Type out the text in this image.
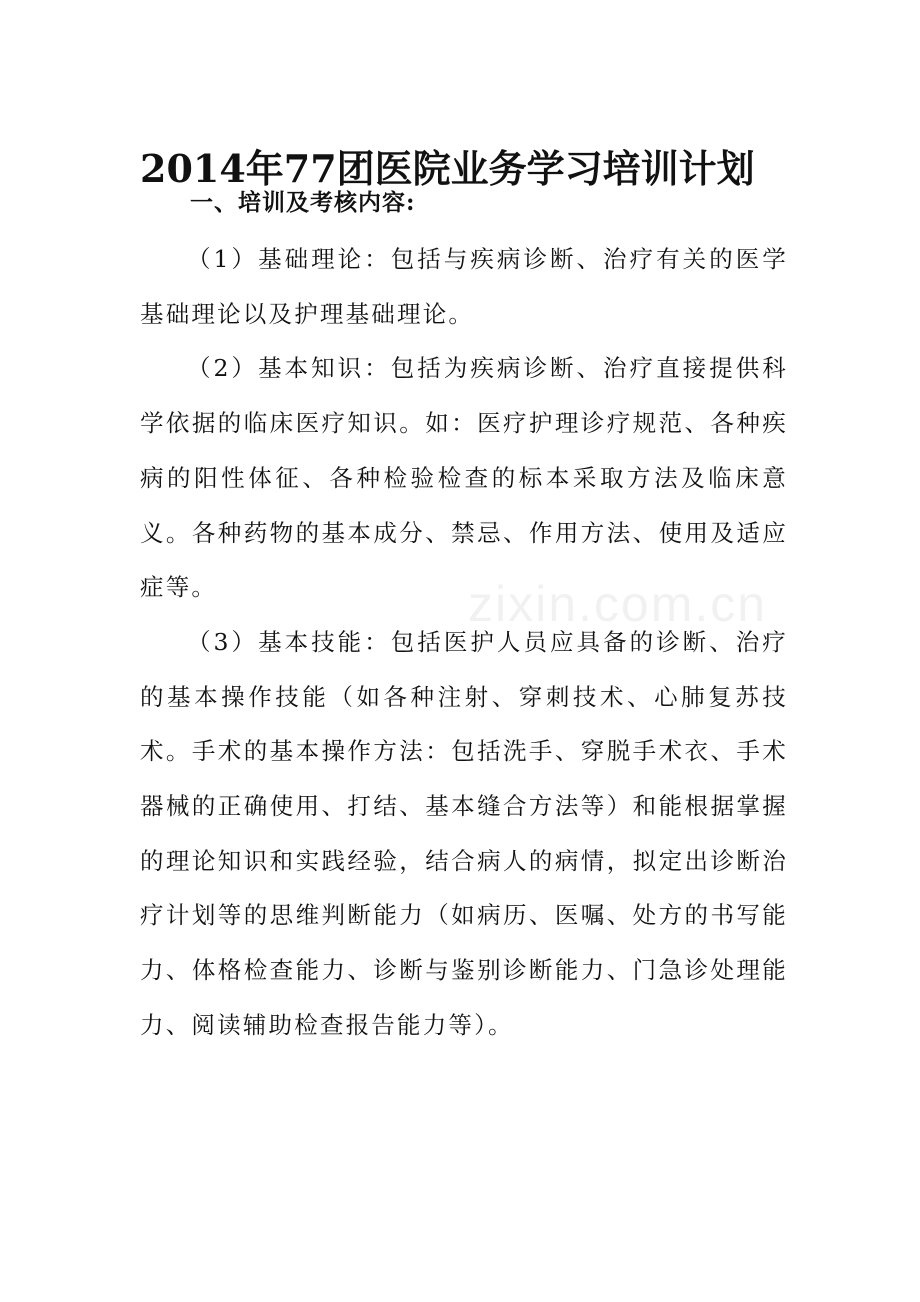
2014年77团医院业务学习培训计划
一、培训及考核内容:

（1）基础理论：包括与疾病诊断、治疗有关的医学基础理论以及护理基础理论。

（2）基本知识：包括为疾病诊断、治疗直接提供科学依据的临床医疗知识。如：医疗护理诊疗规范、各种疾病的阳性体征、各种检验检查的标本采取方法及临床意义。各种药物的基本成分、禁忌、作用方法、使用及适应症等。

（3）基本技能：包括医护人员应具备的诊断、治疗的基本操作技能（如各种注射、穿刺技术、心肺复苏技术。手术的基本操作方法：包括洗手、穿脱手术衣、手术器械的正确使用、打结、基本缝合方法等）和能根据掌握的理论知识和实践经验，结合病人的病情，拟定出诊断治疗计划等的思维判断能力（如病历、医嘱、处方的书写能力、体格检查能力、诊断与鉴别诊断能力、门急诊处理能力、阅读辅助检查报告能力等）。

zixin.com.cn
